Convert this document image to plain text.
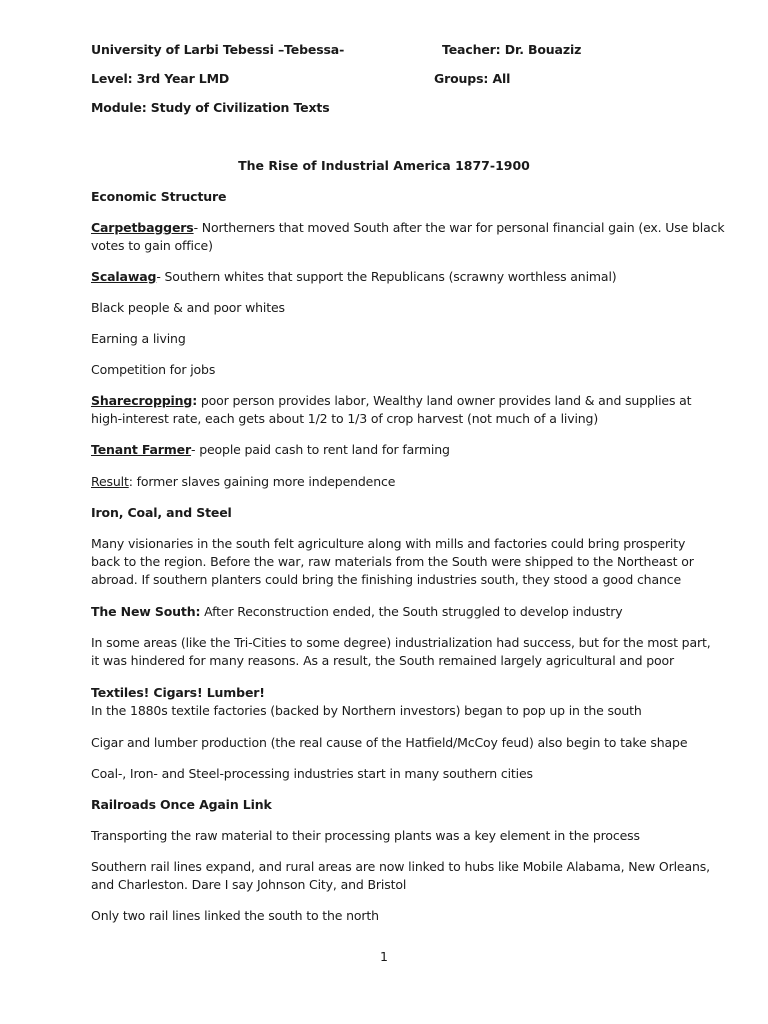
University of Larbi Tebessi –Tebessa-	Teacher: Dr. Bouaziz
Level: 3rd Year LMD	Groups: All
Module: Study of Civilization Texts
The Rise of Industrial America 1877-1900
Economic Structure
Carpetbaggers- Northerners that moved South after the war for personal financial gain (ex. Use black
votes to gain office)
Scalawag- Southern whites that support the Republicans (scrawny worthless animal)
Black people & and poor whites
Earning a living
Competition for jobs
Sharecropping: poor person provides labor, Wealthy land owner provides land & and supplies at
high-interest rate, each gets about 1/2 to 1/3 of crop harvest (not much of a living)
Tenant Farmer- people paid cash to rent land for farming
Result: former slaves gaining more independence
Iron, Coal, and Steel
Many visionaries in the south felt agriculture along with mills and factories could bring prosperity
back to the region. Before the war, raw materials from the South were shipped to the Northeast or
abroad. If southern planters could bring the finishing industries south, they stood a good chance
The New South: After Reconstruction ended, the South struggled to develop industry
In some areas (like the Tri-Cities to some degree) industrialization had success, but for the most part,
it was hindered for many reasons. As a result, the South remained largely agricultural and poor
Textiles! Cigars! Lumber!
In the 1880s textile factories (backed by Northern investors) began to pop up in the south
Cigar and lumber production (the real cause of the Hatfield/McCoy feud) also begin to take shape
Coal-, Iron- and Steel-processing industries start in many southern cities
Railroads Once Again Link
Transporting the raw material to their processing plants was a key element in the process
Southern rail lines expand, and rural areas are now linked to hubs like Mobile Alabama, New Orleans,
and Charleston. Dare I say Johnson City, and Bristol
Only two rail lines linked the south to the north
1
